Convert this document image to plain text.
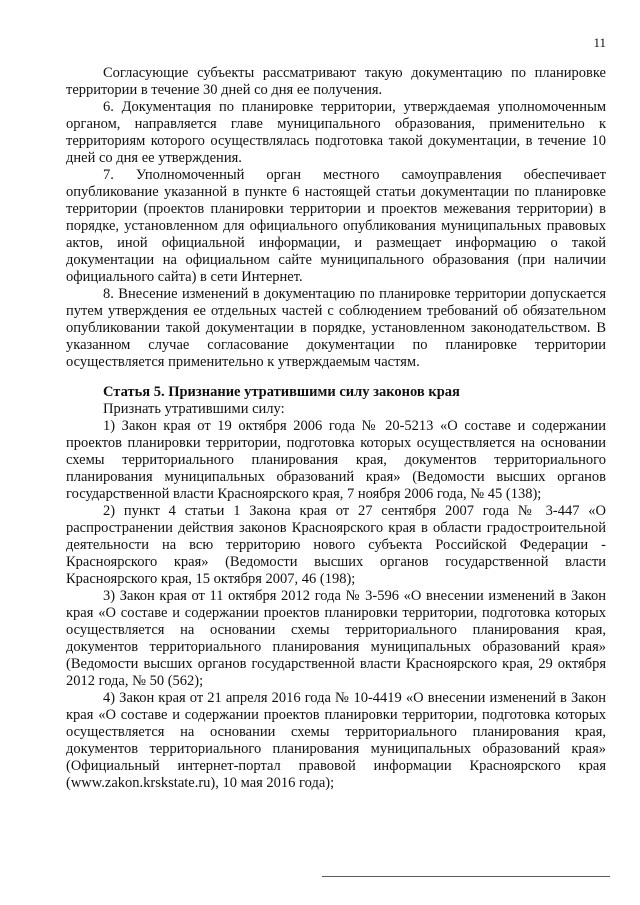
11

Согласующие субъекты рассматривают такую документацию по планировке территории в течение 30 дней со дня ее получения.

6. Документация по планировке территории, утверждаемая уполномоченным органом, направляется главе муниципального образования, применительно к территориям которого осуществлялась подготовка такой документации, в течение 10 дней со дня ее утверждения.

7. Уполномоченный орган местного самоуправления обеспечивает опубликование указанной в пункте 6 настоящей статьи документации по планировке территории (проектов планировки территории и проектов межевания территории) в порядке, установленном для официального опубликования муниципальных правовых актов, иной официальной информации, и размещает информацию о такой документации на официальном сайте муниципального образования (при наличии официального сайта) в сети Интернет.

8. Внесение изменений в документацию по планировке территории допускается путем утверждения ее отдельных частей с соблюдением требований об обязательном опубликовании такой документации в порядке, установленном законодательством. В указанном случае согласование документации по планировке территории осуществляется применительно к утверждаемым частям.

Статья 5. Признание утратившими силу законов края

Признать утратившими силу:

1) Закон края от 19 октября 2006 года № 20-5213 «О составе и содержании проектов планировки территории, подготовка которых осуществляется на основании схемы территориального планирования края, документов территориального планирования муниципальных образований края» (Ведомости высших органов государственной власти Красноярского края, 7 ноября 2006 года, № 45 (138);

2) пункт 4 статьи 1 Закона края от 27 сентября 2007 года № 3-447 «О распространении действия законов Красноярского края в области градостроительной деятельности на всю территорию нового субъекта Российской Федерации - Красноярского края» (Ведомости высших органов государственной власти Красноярского края, 15 октября 2007, 46 (198);

3) Закон края от 11 октября 2012 года № 3-596 «О внесении изменений в Закон края «О составе и содержании проектов планировки территории, подготовка которых осуществляется на основании схемы территориального планирования края, документов территориального планирования муниципальных образований края» (Ведомости высших органов государственной власти Красноярского края, 29 октября 2012 года, № 50 (562);

4) Закон края от 21 апреля 2016 года № 10-4419 «О внесении изменений в Закон края «О составе и содержании проектов планировки территории, подготовка которых осуществляется на основании схемы территориального планирования края, документов территориального планирования муниципальных образований края» (Официальный интернет-портал правовой информации Красноярского края (www.zakon.krskstate.ru), 10 мая 2016 года);
